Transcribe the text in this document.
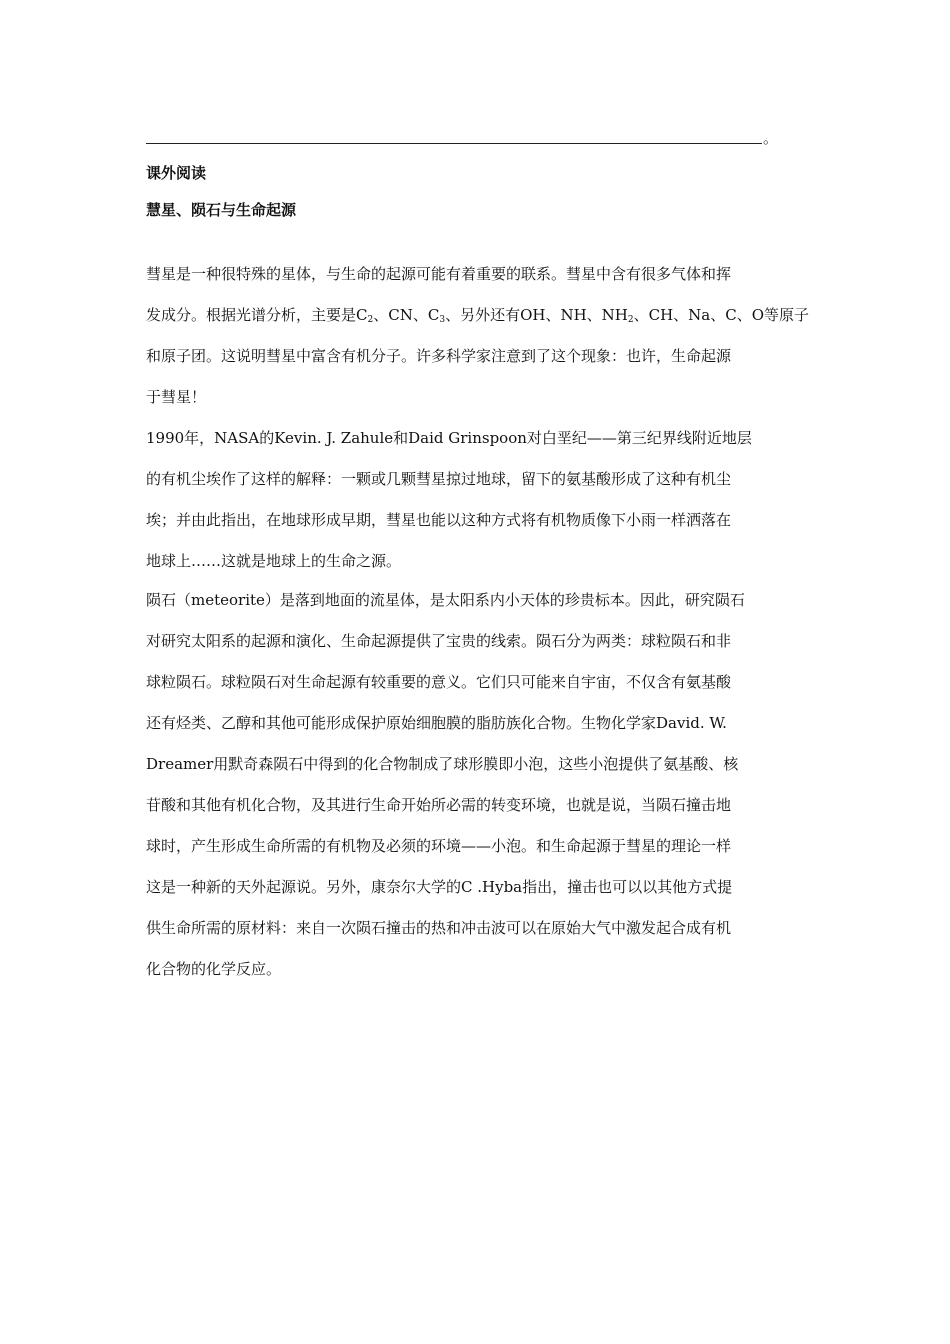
。
课外阅读
慧星、陨石与生命起源
彗星是一种很特殊的星体，与生命的起源可能有着重要的联系。彗星中含有很多气体和挥
发成分。根据光谱分析，主要是$C_2$、CN、$C_3$、另外还有OH、NH、$NH_2$、CH、Na、C、O等原子
和原子团。这说明彗星中富含有机分子。许多科学家注意到了这个现象：也许，生命起源
于彗星！
1990年，NASA的Kevin. J. Zahule和Daid Grinspoon对白垩纪——第三纪界线附近地层
的有机尘埃作了这样的解释：一颗或几颗彗星掠过地球，留下的氨基酸形成了这种有机尘
埃；并由此指出，在地球形成早期，彗星也能以这种方式将有机物质像下小雨一样洒落在
地球上……这就是地球上的生命之源。
陨石（meteorite）是落到地面的流星体，是太阳系内小天体的珍贵标本。因此，研究陨石
对研究太阳系的起源和演化、生命起源提供了宝贵的线索。陨石分为两类：球粒陨石和非
球粒陨石。球粒陨石对生命起源有较重要的意义。它们只可能来自宇宙，不仅含有氨基酸
还有烃类、乙醇和其他可能形成保护原始细胞膜的脂肪族化合物。生物化学家David. W.
Dreamer用默奇森陨石中得到的化合物制成了球形膜即小泡，这些小泡提供了氨基酸、核
苷酸和其他有机化合物，及其进行生命开始所必需的转变环境，也就是说，当陨石撞击地
球时，产生形成生命所需的有机物及必须的环境——小泡。和生命起源于彗星的理论一样
这是一种新的天外起源说。另外，康奈尔大学的C .Hyba指出，撞击也可以以其他方式提
供生命所需的原材料：来自一次陨石撞击的热和冲击波可以在原始大气中激发起合成有机
化合物的化学反应。
